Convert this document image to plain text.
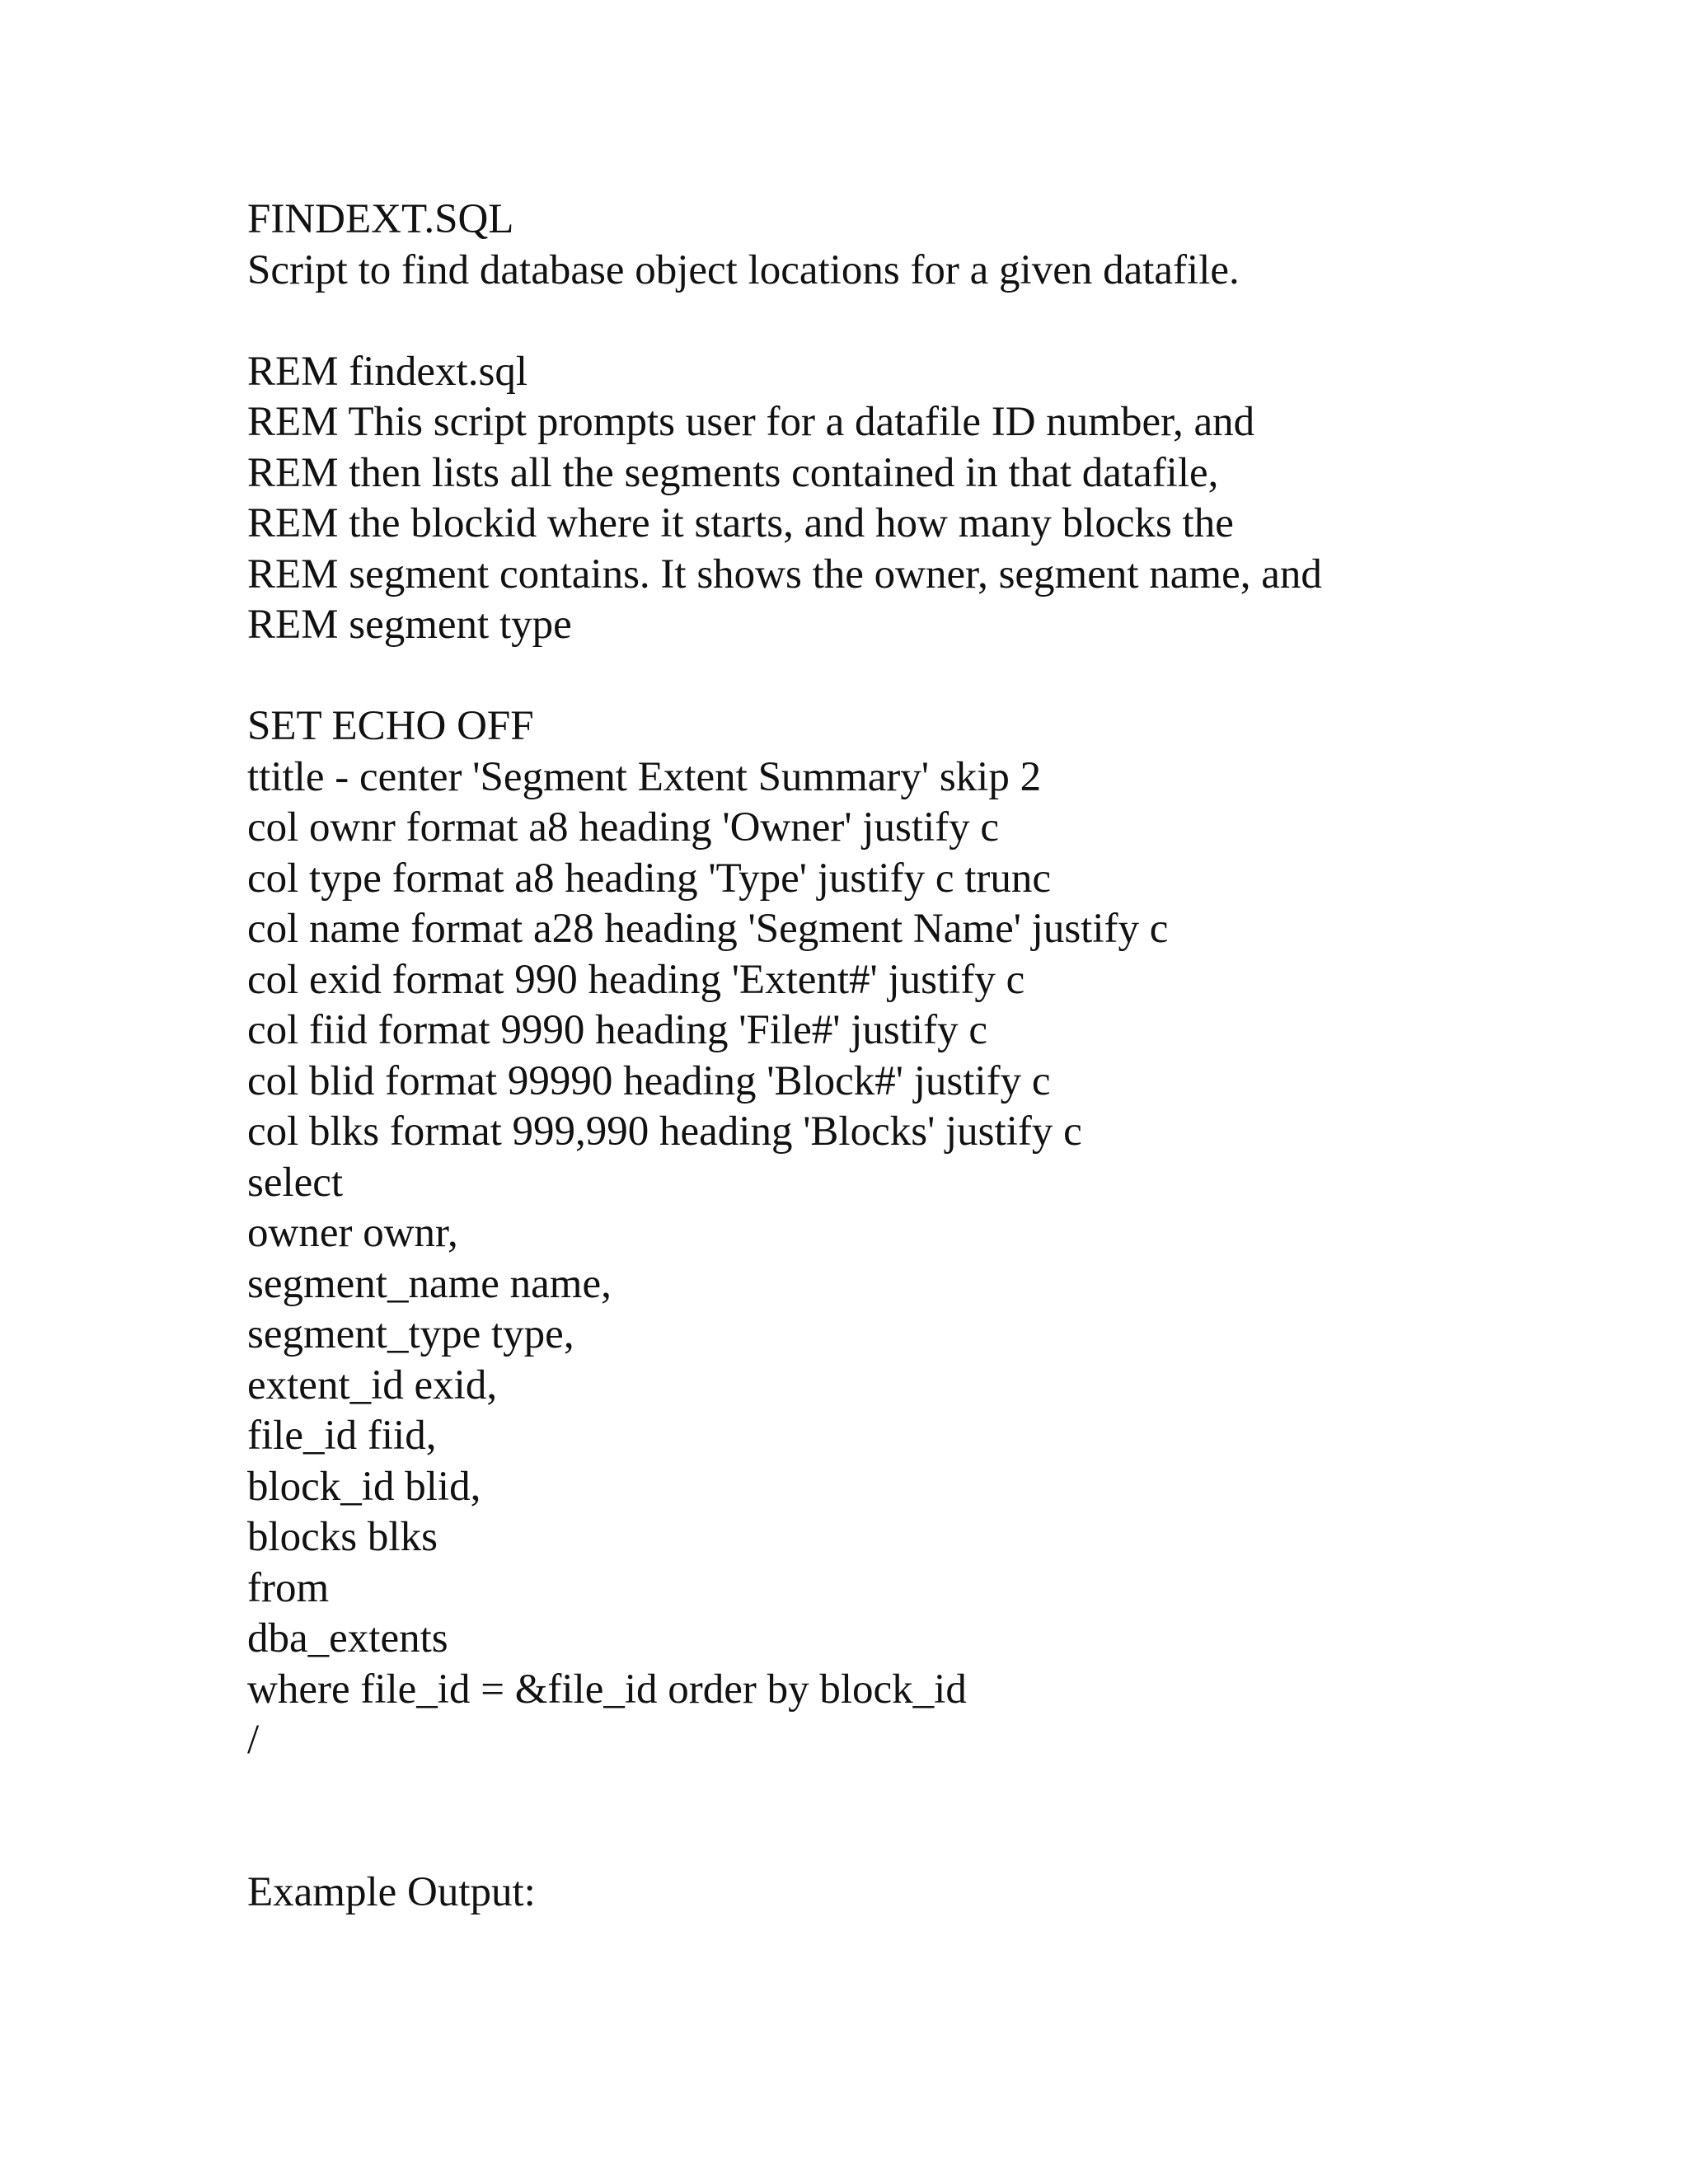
FINDEXT.SQL
Script to find database object locations for a given datafile.
REM findext.sql
REM This script prompts user for a datafile ID number, and
REM then lists all the segments contained in that datafile,
REM the blockid where it starts, and how many blocks the
REM segment contains. It shows the owner, segment name, and
REM segment type
SET ECHO OFF
ttitle - center 'Segment Extent Summary' skip 2
col ownr format a8 heading 'Owner' justify c
col type format a8 heading 'Type' justify c trunc
col name format a28 heading 'Segment Name' justify c
col exid format 990 heading 'Extent#' justify c
col fiid format 9990 heading 'File#' justify c
col blid format 99990 heading 'Block#' justify c
col blks format 999,990 heading 'Blocks' justify c
select
owner ownr,
segment_name name,
segment_type type,
extent_id exid,
file_id fiid,
block_id blid,
blocks blks
from
dba_extents
where file_id = &file_id order by block_id
/
Example Output:
